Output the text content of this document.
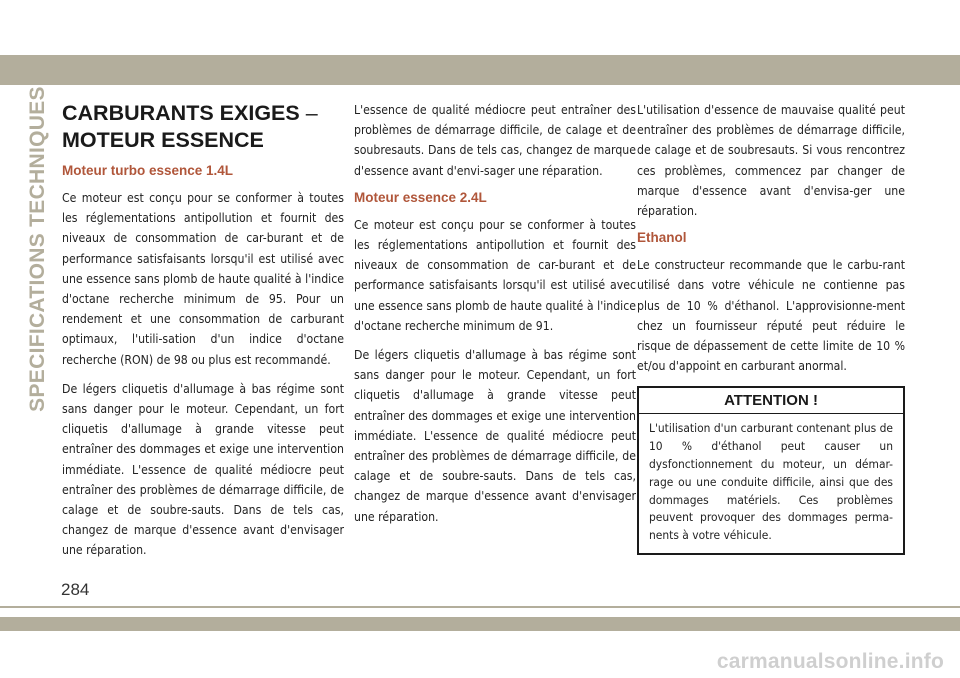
SPECIFICATIONS TECHNIQUES CARBURANTS EXIGES –
MOTEUR ESSENCE
Moteur turbo essence 1.4L

Ce moteur est conçu pour se conformer à toutes les réglementations antipollution et fournit des niveaux de consommation de car-burant et de performance satisfaisants lorsqu'il est utilisé avec une essence sans plomb de haute qualité à l'indice d'octane recherche minimum de 95. Pour un rendement et une consommation de carburant optimaux, l'utili-sation d'un indice d'octane recherche (RON) de 98 ou plus est recommandé.

De légers cliquetis d'allumage à bas régime sont sans danger pour le moteur. Cependant, un fort cliquetis d'allumage à grande vitesse peut entraîner des dommages et exige une intervention immédiate. L'essence de qualité médiocre peut entraîner des problèmes de démarrage difficile, de calage et de soubre-sauts. Dans de tels cas, changez de marque d'essence avant d'envisager une réparation.

L'essence de qualité médiocre peut entraîner des problèmes de démarrage difficile, de calage et de soubresauts. Dans de tels cas, changez de marque d'essence avant d'envi-sager une réparation.

Moteur essence 2.4L

Ce moteur est conçu pour se conformer à toutes les réglementations antipollution et fournit des niveaux de consommation de car-burant et de performance satisfaisants lorsqu'il est utilisé avec une essence sans plomb de haute qualité à l'indice d'octane recherche minimum de 91.

De légers cliquetis d'allumage à bas régime sont sans danger pour le moteur. Cependant, un fort cliquetis d'allumage à grande vitesse peut entraîner des dommages et exige une intervention immédiate. L'essence de qualité médiocre peut entraîner des problèmes de démarrage difficile, de calage et de soubre-sauts. Dans de tels cas, changez de marque d'essence avant d'envisager une réparation.

L'utilisation d'essence de mauvaise qualité peut entraîner des problèmes de démarrage difficile, de calage et de soubresauts. Si vous rencontrez ces problèmes, commencez par changer de marque d'essence avant d'envisa-ger une réparation.

Ethanol

Le constructeur recommande que le carbu-rant utilisé dans votre véhicule ne contienne pas plus de 10 % d'éthanol. L'approvisionne-ment chez un fournisseur réputé peut réduire le risque de dépassement de cette limite de 10 % et/ou d'appoint en carburant anormal.

ATTENTION !

L'utilisation d'un carburant contenant plus de 10 % d'éthanol peut causer un dysfonctionnement du moteur, un démar-rage ou une conduite difficile, ainsi que des dommages matériels. Ces problèmes peuvent provoquer des dommages perma-nents à votre véhicule.

284
carmanualsonline.info
